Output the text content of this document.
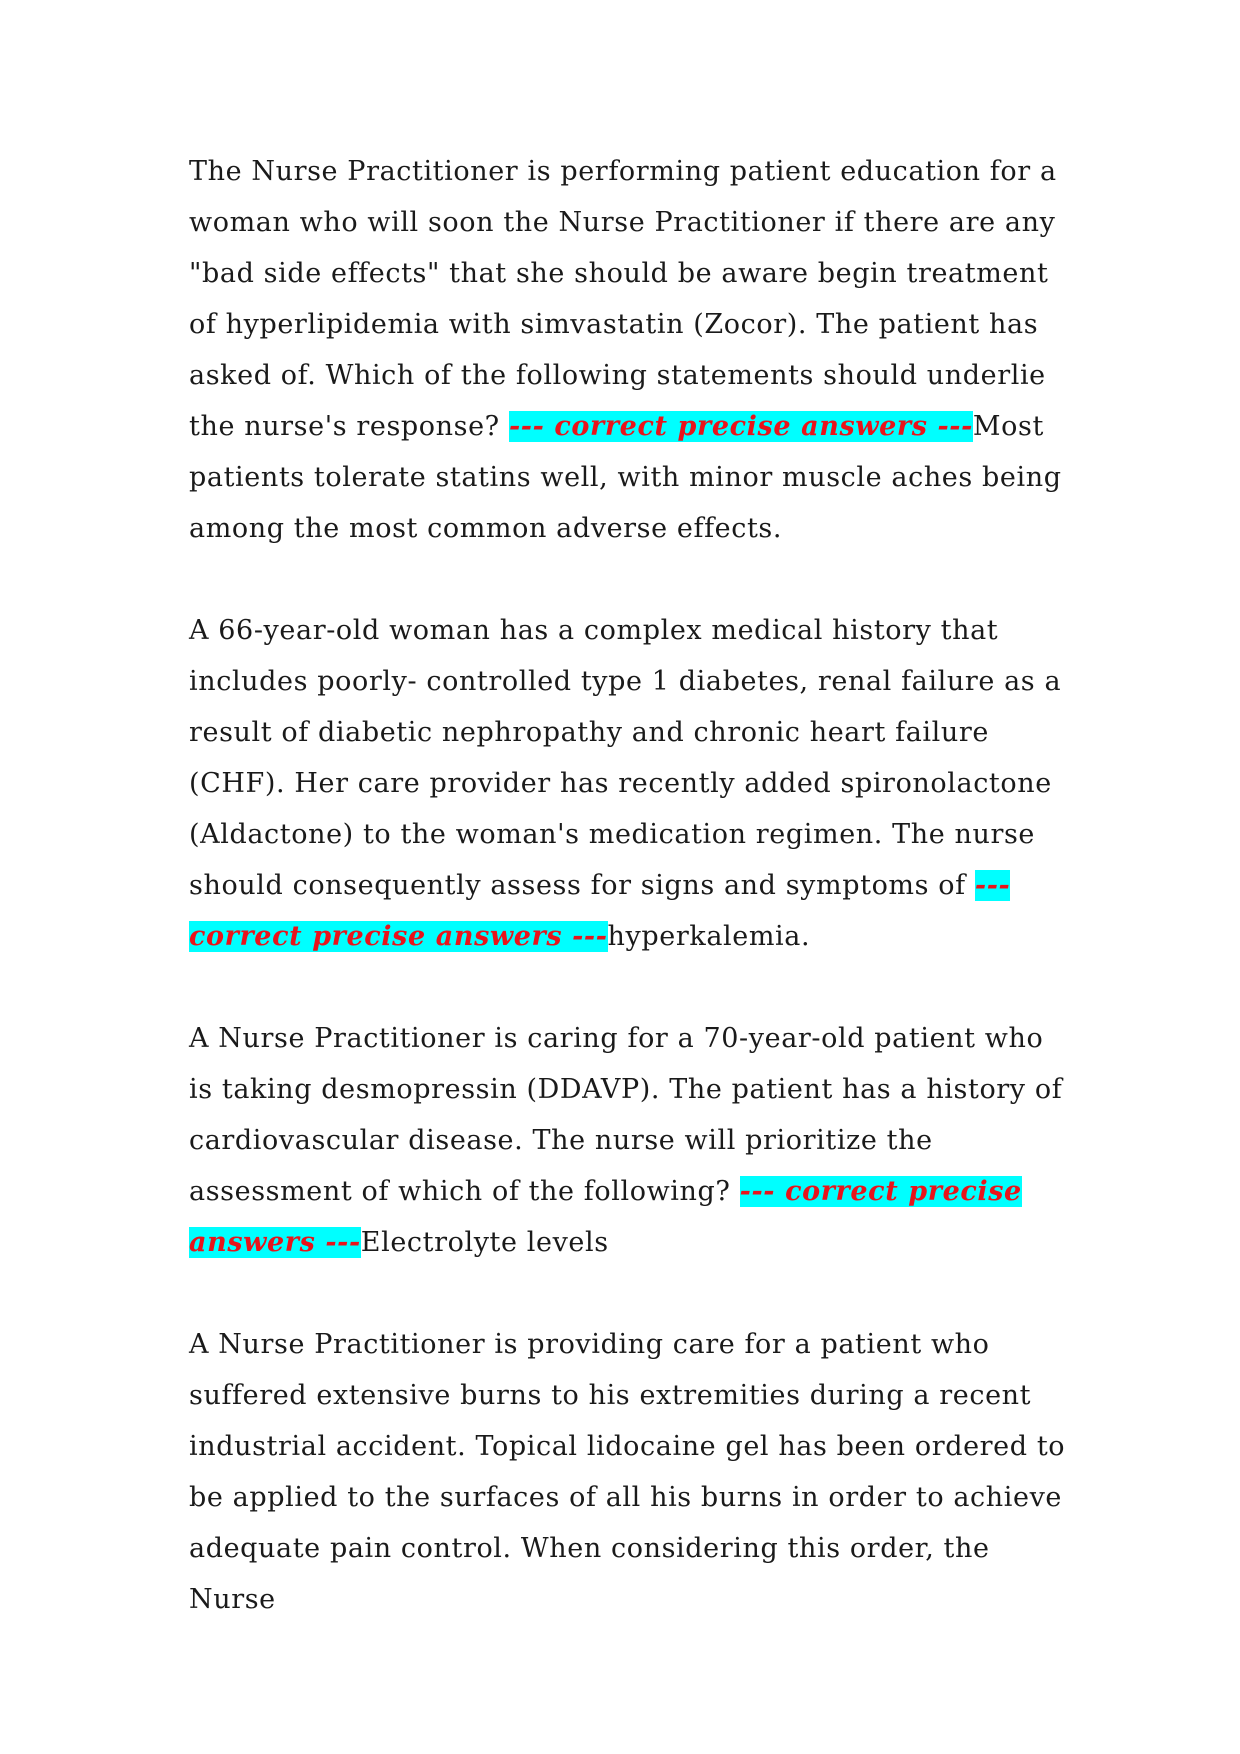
The Nurse Practitioner is performing patient education for a woman who will soon the Nurse Practitioner if there are any "bad side effects" that she should be aware begin treatment of hyperlipidemia with simvastatin (Zocor). The patient has asked of. Which of the following statements should underlie the nurse's response? --- correct precise answers ---Most patients tolerate statins well, with minor muscle aches being among the most common adverse effects.

A 66-year-old woman has a complex medical history that includes poorly- controlled type 1 diabetes, renal failure as a result of diabetic nephropathy and chronic heart failure (CHF). Her care provider has recently added spironolactone (Aldactone) to the woman's medication regimen. The nurse should consequently assess for signs and symptoms of --- correct precise answers ---hyperkalemia.

A Nurse Practitioner is caring for a 70-year-old patient who is taking desmopressin (DDAVP). The patient has a history of cardiovascular disease. The nurse will prioritize the assessment of which of the following? --- correct precise answers ---Electrolyte levels

A Nurse Practitioner is providing care for a patient who suffered extensive burns to his extremities during a recent industrial accident. Topical lidocaine gel has been ordered to be applied to the surfaces of all his burns in order to achieve adequate pain control. When considering this order, the Nurse
